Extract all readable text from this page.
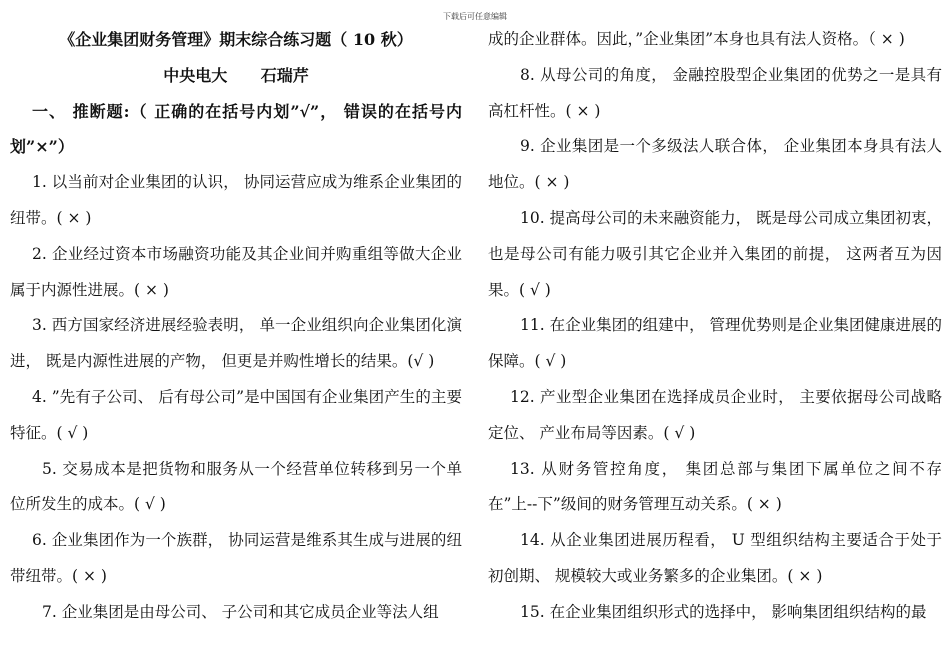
下载后可任意编辑

《企业集团财务管理》期末综合练习题（ 10 秋）

中央电大 石瑞芹

一、 推断题:（ 正确的在括号内划”√”， 错误的在括号内划”×”）

1. 以当前对企业集团的认识， 协同运营应成为维系企业集团的纽带。( × )

2. 企业经过资本市场融资功能及其企业间并购重组等做大企业属于内源性进展。( × )

3. 西方国家经济进展经验表明， 单一企业组织向企业集团化演进， 既是内源性进展的产物， 但更是并购性增长的结果。(√ )

4. ”先有子公司、 后有母公司”是中国国有企业集团产生的主要特征。( √ )

5. 交易成本是把货物和服务从一个经营单位转移到另一个单位所发生的成本。( √ )

6. 企业集团作为一个族群， 协同运营是维系其生成与进展的纽带纽带。( × )

7. 企业集团是由母公司、 子公司和其它成员企业等法人组

成的企业群体。因此，”企业集团”本身也具有法人资格。（ × )

8. 从母公司的角度， 金融控股型企业集团的优势之一是具有高杠杆性。( × )

9. 企业集团是一个多级法人联合体， 企业集团本身具有法人地位。( × )

10. 提高母公司的未来融资能力， 既是母公司成立集团初衷， 也是母公司有能力吸引其它企业并入集团的前提， 这两者互为因果。( √ )

11. 在企业集团的组建中， 管理优势则是企业集团健康进展的保障。( √ )

12. 产业型企业集团在选择成员企业时， 主要依据母公司战略定位、 产业布局等因素。( √ )

13. 从财务管控角度， 集团总部与集团下属单位之间不存在”上--下”级间的财务管理互动关系。( × )

14. 从企业集团进展历程看， U 型组织结构主要适合于处于初创期、 规模较大或业务繁多的企业集团。( × )

15. 在企业集团组织形式的选择中， 影响集团组织结构的最
